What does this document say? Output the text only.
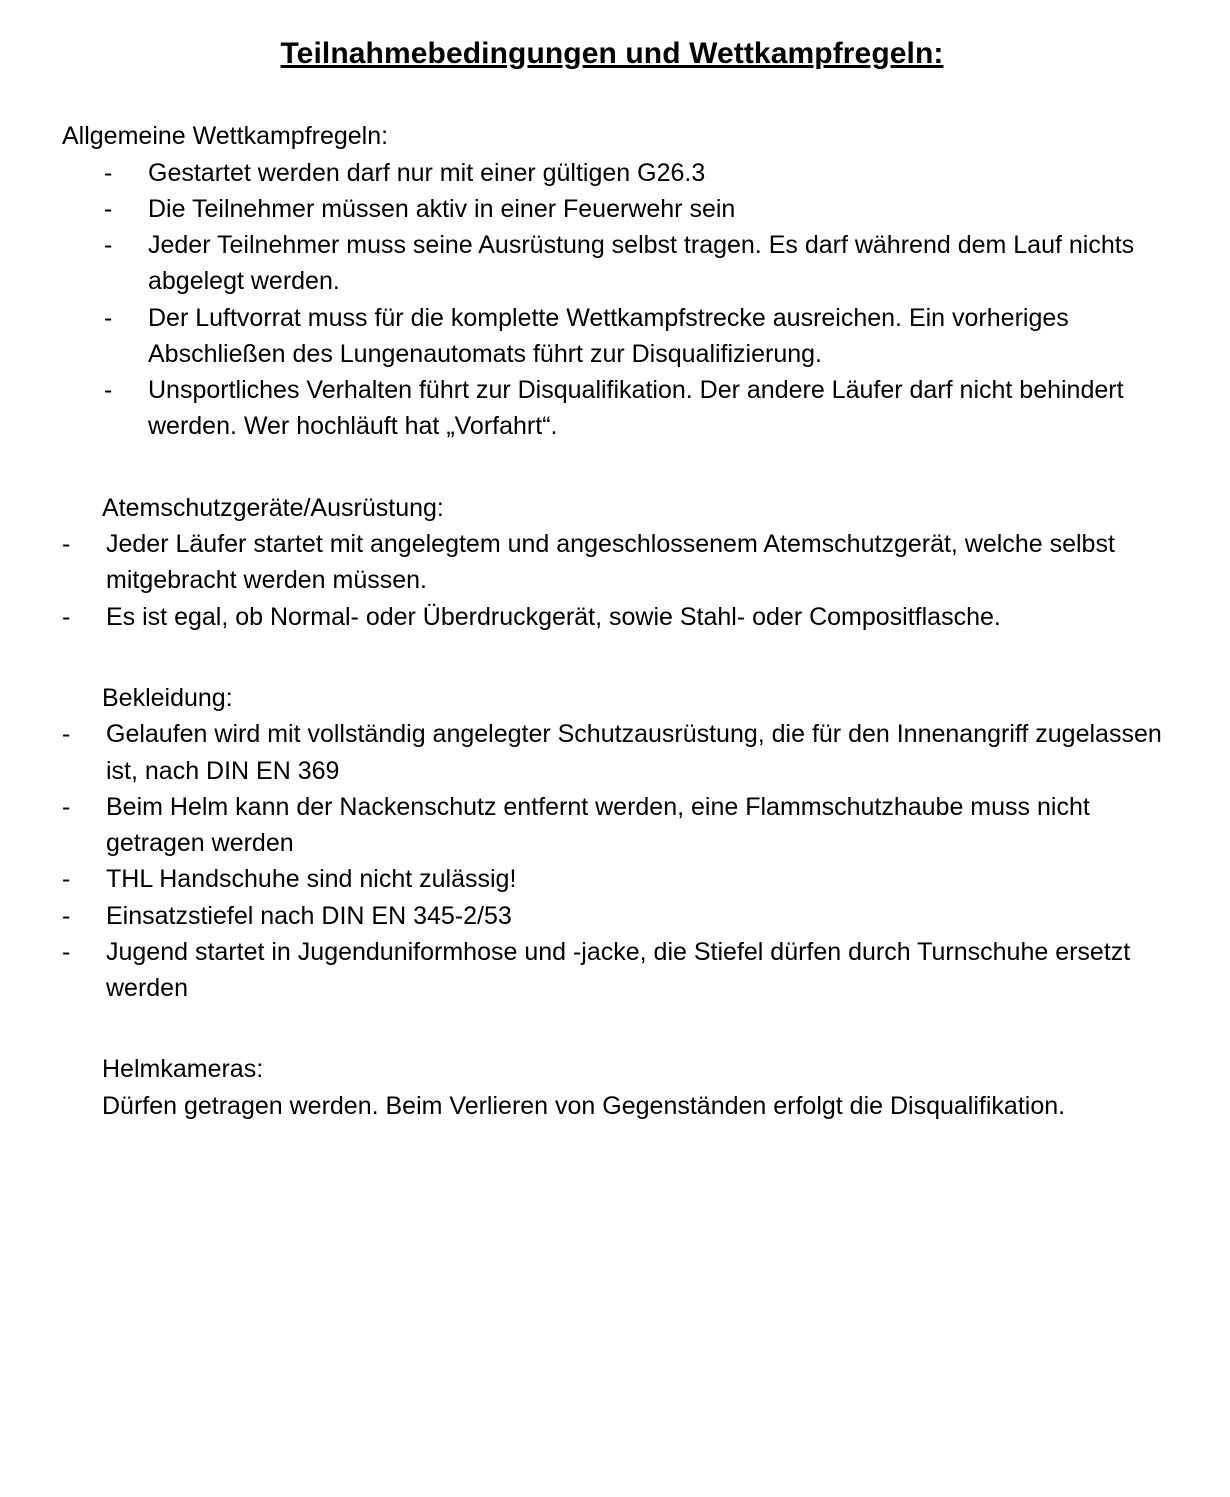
Teilnahmebedingungen und Wettkampfregeln:
Allgemeine Wettkampfregeln:
-	Gestartet werden darf nur mit einer gültigen G26.3
-	Die Teilnehmer müssen aktiv in einer Feuerwehr sein
-	Jeder Teilnehmer muss seine Ausrüstung selbst tragen. Es darf während dem Lauf nichts abgelegt werden.
-	Der Luftvorrat muss für die komplette Wettkampfstrecke ausreichen. Ein vorheriges Abschließen des Lungenautomats führt zur Disqualifizierung.
-	Unsportliches Verhalten führt zur Disqualifikation. Der andere Läufer darf nicht behindert werden. Wer hochläuft hat „Vorfahrt“.
Atemschutzgeräte/Ausrüstung:
-	Jeder Läufer startet mit angelegtem und angeschlossenem Atemschutzgerät, welche selbst mitgebracht werden müssen.
-	Es ist egal, ob Normal- oder Überdruckgerät, sowie Stahl- oder Compositflasche.
Bekleidung:
-	Gelaufen wird mit vollständig angelegter Schutzausrüstung, die für den Innenangriff zugelassen ist, nach DIN EN 369
-	Beim Helm kann der Nackenschutz entfernt werden, eine Flammschutzhaube muss nicht getragen werden
-	THL Handschuhe sind nicht zulässig!
-	Einsatzstiefel nach DIN EN 345-2/53
-	Jugend startet in Jugenduniformhose und -jacke, die Stiefel dürfen durch Turnschuhe ersetzt werden
Helmkameras:

Dürfen getragen werden. Beim Verlieren von Gegenständen erfolgt die Disqualifikation.
